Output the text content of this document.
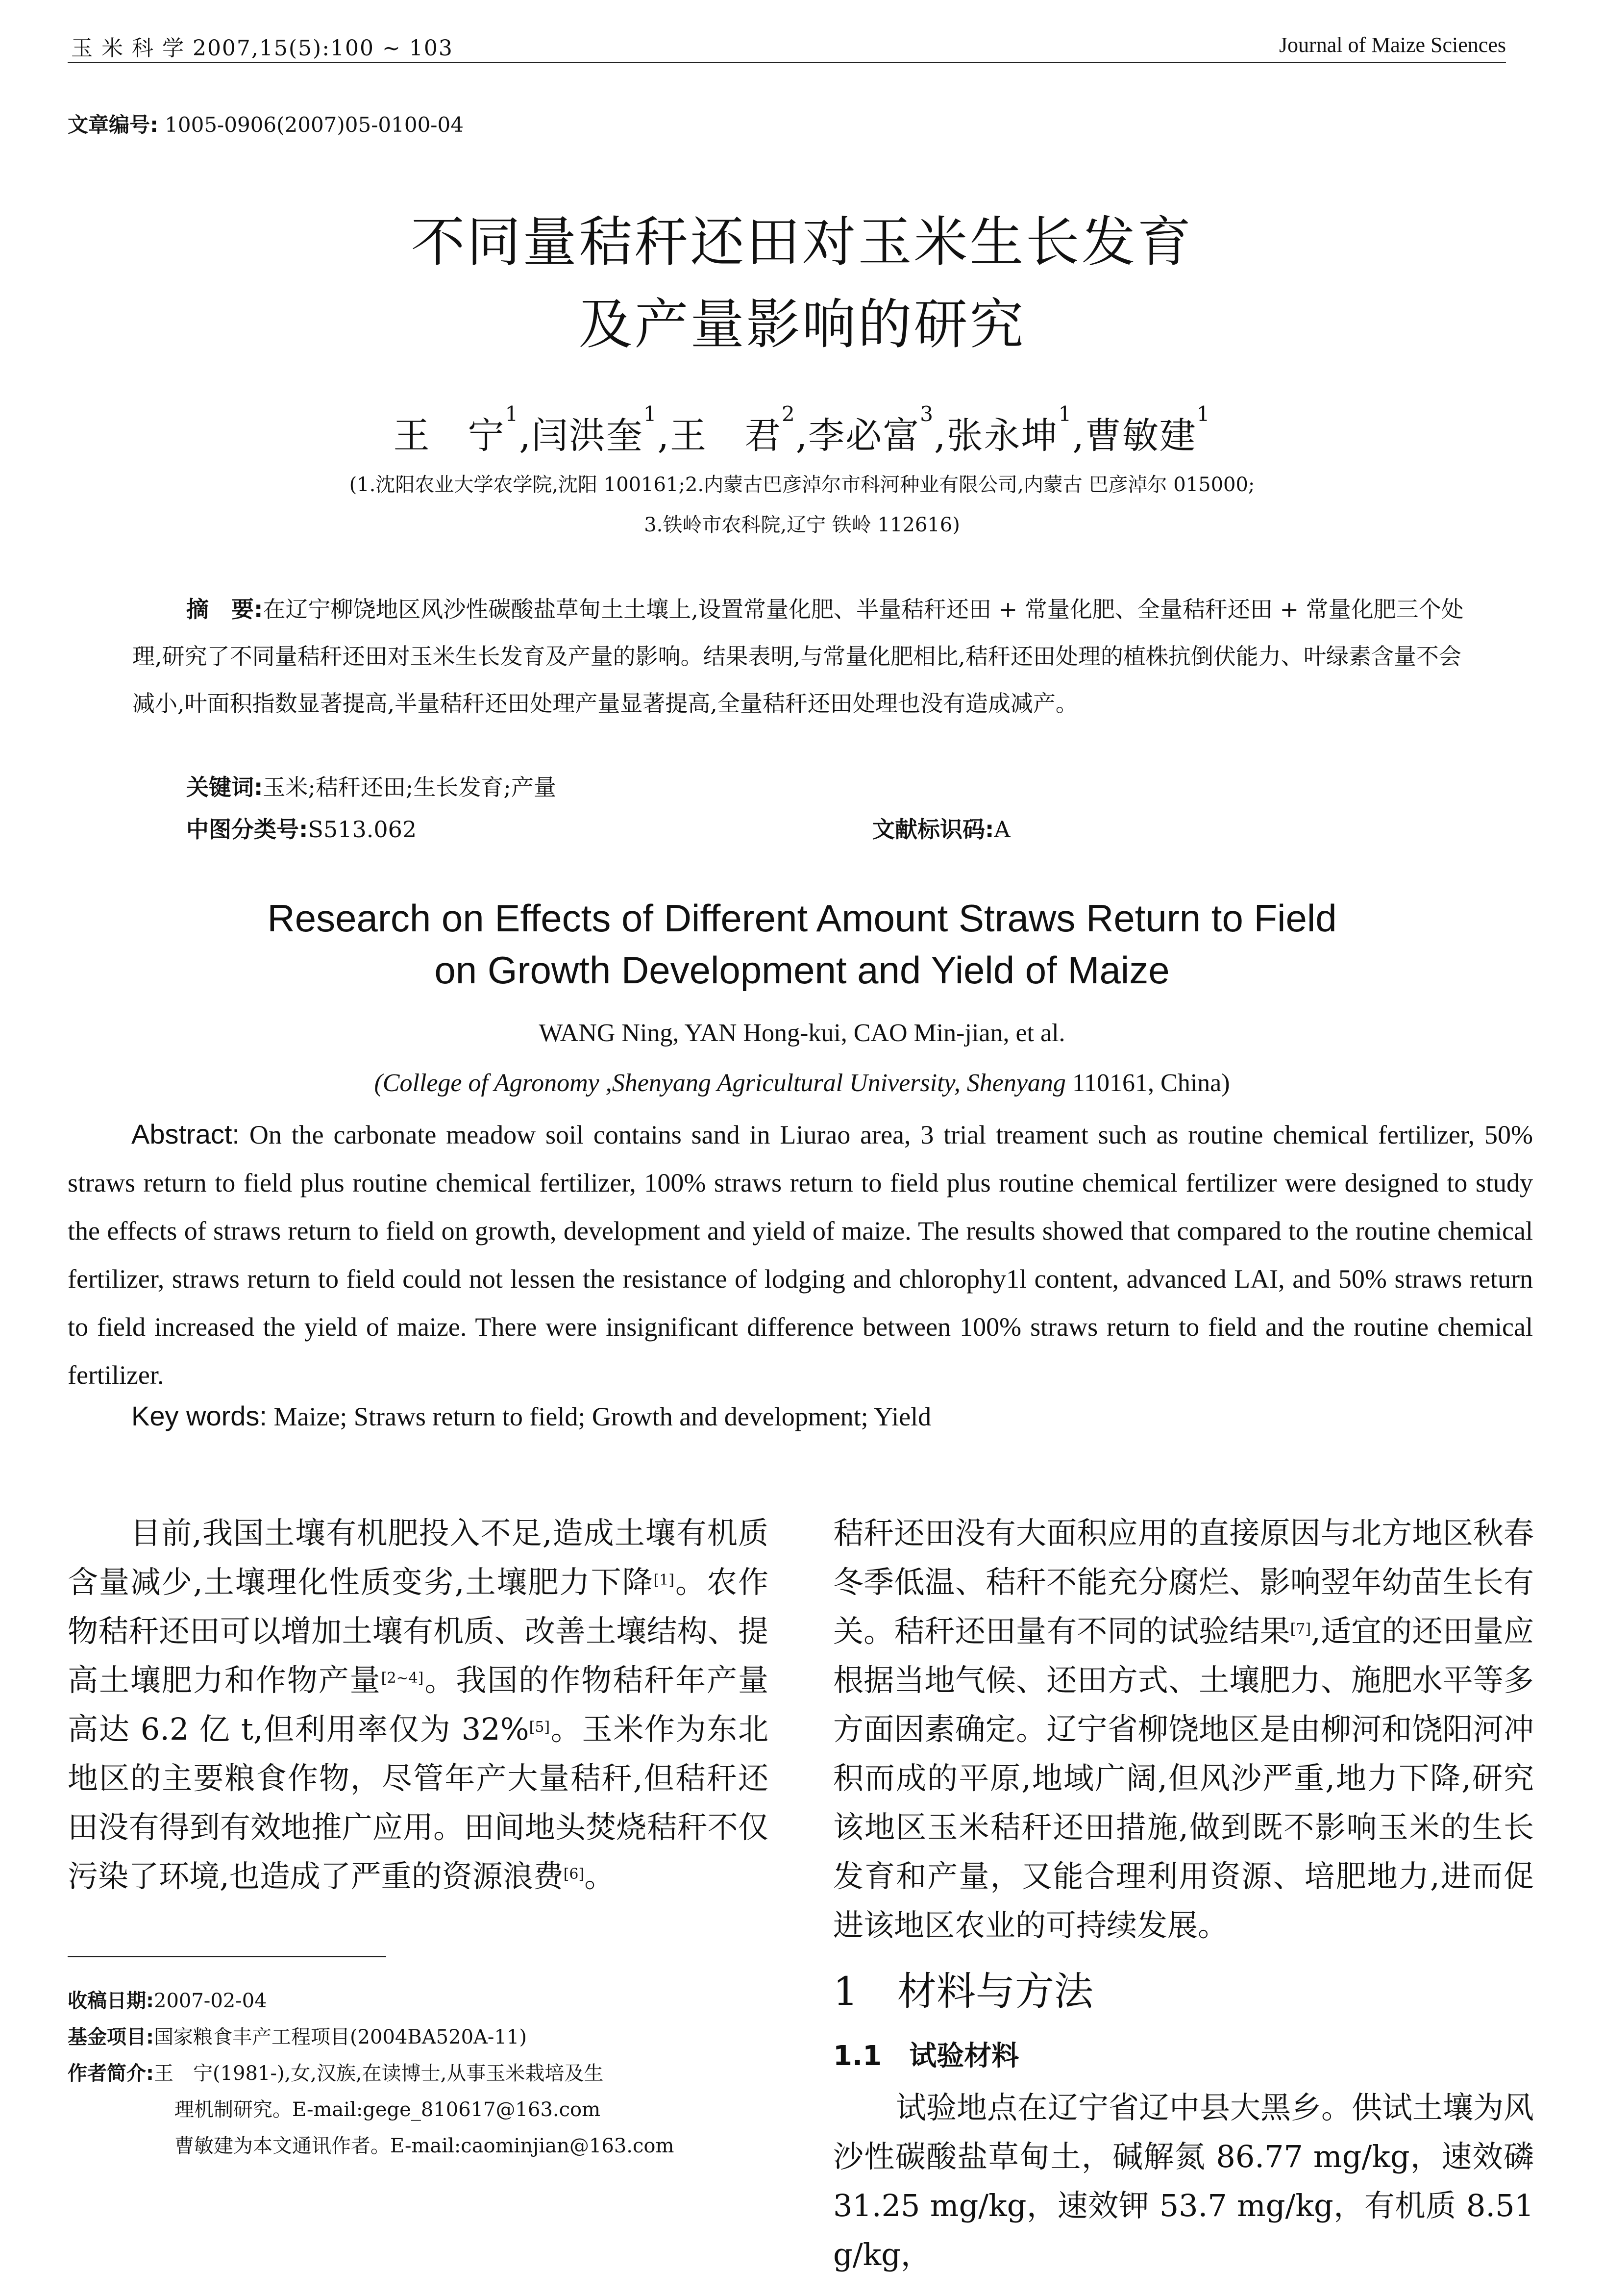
玉 米 科 学 2007,15(5):100 ~ 103	Journal of Maize Sciences
文章编号: 1005-0906(2007)05-0100-04
不同量秸秆还田对玉米生长发育
及产量影响的研究
王　宁$^1$,闫洪奎$^1$,王　君$^2$,李必富$^3$,张永坤$^1$,曹敏建$^1$
(1.沈阳农业大学农学院,沈阳 100161;2.内蒙古巴彦淖尔市科河种业有限公司,内蒙古 巴彦淖尔 015000;
3.铁岭市农科院,辽宁 铁岭 112616)
摘　要:在辽宁柳饶地区风沙性碳酸盐草甸土土壤上,设置常量化肥、半量秸秆还田 + 常量化肥、全量秸秆还田 + 常量化肥三个处理,研究了不同量秸秆还田对玉米生长发育及产量的影响。结果表明,与常量化肥相比,秸秆还田处理的植株抗倒伏能力、叶绿素含量不会减小,叶面积指数显著提高,半量秸秆还田处理产量显著提高,全量秸秆还田处理也没有造成减产。
关键词:玉米;秸秆还田;生长发育;产量
中图分类号:S513.062	文献标识码:A
Research on Effects of Different Amount Straws Return to Field
on Growth Development and Yield of Maize
WANG Ning, YAN Hong-kui, CAO Min-jian, et al.
(College of Agronomy ,Shenyang Agricultural University, Shenyang 110161, China)
Abstract: On the carbonate meadow soil contains sand in Liurao area, 3 trial treament such as routine chemical fertilizer, 50% straws return to field plus routine chemical fertilizer, 100% straws return to field plus routine chemical fertilizer were designed to study the effects of straws return to field on growth, development and yield of maize. The results showed that compared to the routine chemical fertilizer, straws return to field could not lessen the resistance of lodging and chlorophy1l content, advanced LAI, and 50% straws return to field increased the yield of maize. There were insignificant difference between 100% straws return to field and the routine chemical fertilizer.
Key words: Maize; Straws return to field; Growth and development; Yield
目前,我国土壤有机肥投入不足,造成土壤有机质含量减少,土壤理化性质变劣,土壤肥力下降[1]。农作物秸秆还田可以增加土壤有机质、改善土壤结构、提高土壤肥力和作物产量[2~4]。我国的作物秸秆年产量高达 6.2 亿 t,但利用率仅为 32%[5]。玉米作为东北地区的主要粮食作物，尽管年产大量秸秆,但秸秆还田没有得到有效地推广应用。田间地头焚烧秸秆不仅污染了环境,也造成了严重的资源浪费[6]。
秸秆还田没有大面积应用的直接原因与北方地区秋春冬季低温、秸秆不能充分腐烂、影响翌年幼苗生长有关。秸秆还田量有不同的试验结果[7],适宜的还田量应根据当地气候、还田方式、土壤肥力、施肥水平等多方面因素确定。辽宁省柳饶地区是由柳河和饶阳河冲积而成的平原,地域广阔,但风沙严重,地力下降,研究该地区玉米秸秆还田措施,做到既不影响玉米的生长发育和产量，又能合理利用资源、培肥地力,进而促进该地区农业的可持续发展。
1　材料与方法
1.1　试验材料
试验地点在辽宁省辽中县大黑乡。供试土壤为风沙性碳酸盐草甸土，碱解氮 86.77 mg/kg，速效磷 31.25 mg/kg，速效钾 53.7 mg/kg，有机质 8.51 g/kg，
收稿日期:2007-02-04
基金项目:国家粮食丰产工程项目(2004BA520A-11)
作者简介:王　宁(1981-),女,汉族,在读博士,从事玉米栽培及生
理机制研究。E-mail:gege_810617@163.com
曹敏建为本文通讯作者。E-mail:caominjian@163.com
